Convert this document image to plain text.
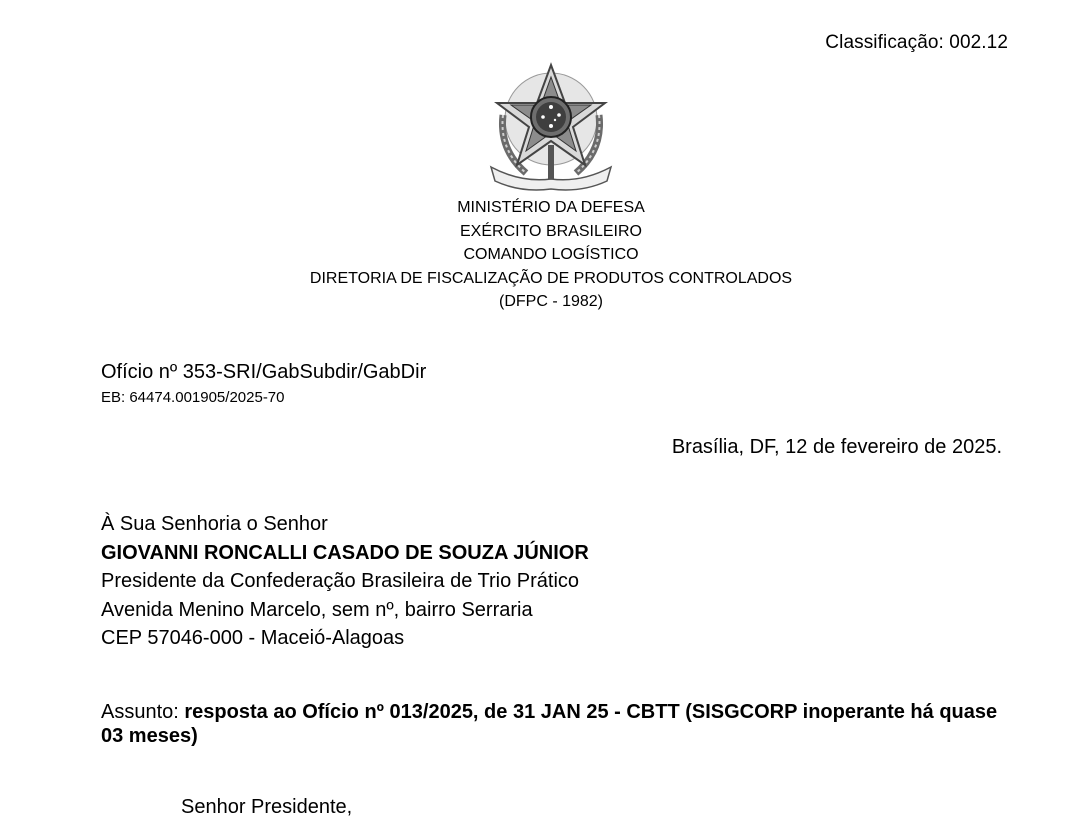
Classificação: 002.12
MINISTÉRIO DA DEFESA
EXÉRCITO BRASILEIRO
COMANDO LOGÍSTICO
DIRETORIA DE FISCALIZAÇÃO DE PRODUTOS CONTROLADOS
(DFPC - 1982)
Ofício nº 353-SRI/GabSubdir/GabDir
EB: 64474.001905/2025-70
Brasília, DF, 12 de fevereiro de 2025.
À Sua Senhoria o Senhor
GIOVANNI RONCALLI CASADO DE SOUZA JÚNIOR
Presidente da Confederação Brasileira de Trio Prático
Avenida Menino Marcelo, sem nº, bairro Serraria
CEP 57046-000 - Maceió-Alagoas
Assunto: resposta ao Ofício nº 013/2025, de 31 JAN 25 - CBTT (SISGCORP inoperante há quase 03 meses)
Senhor Presidente,
